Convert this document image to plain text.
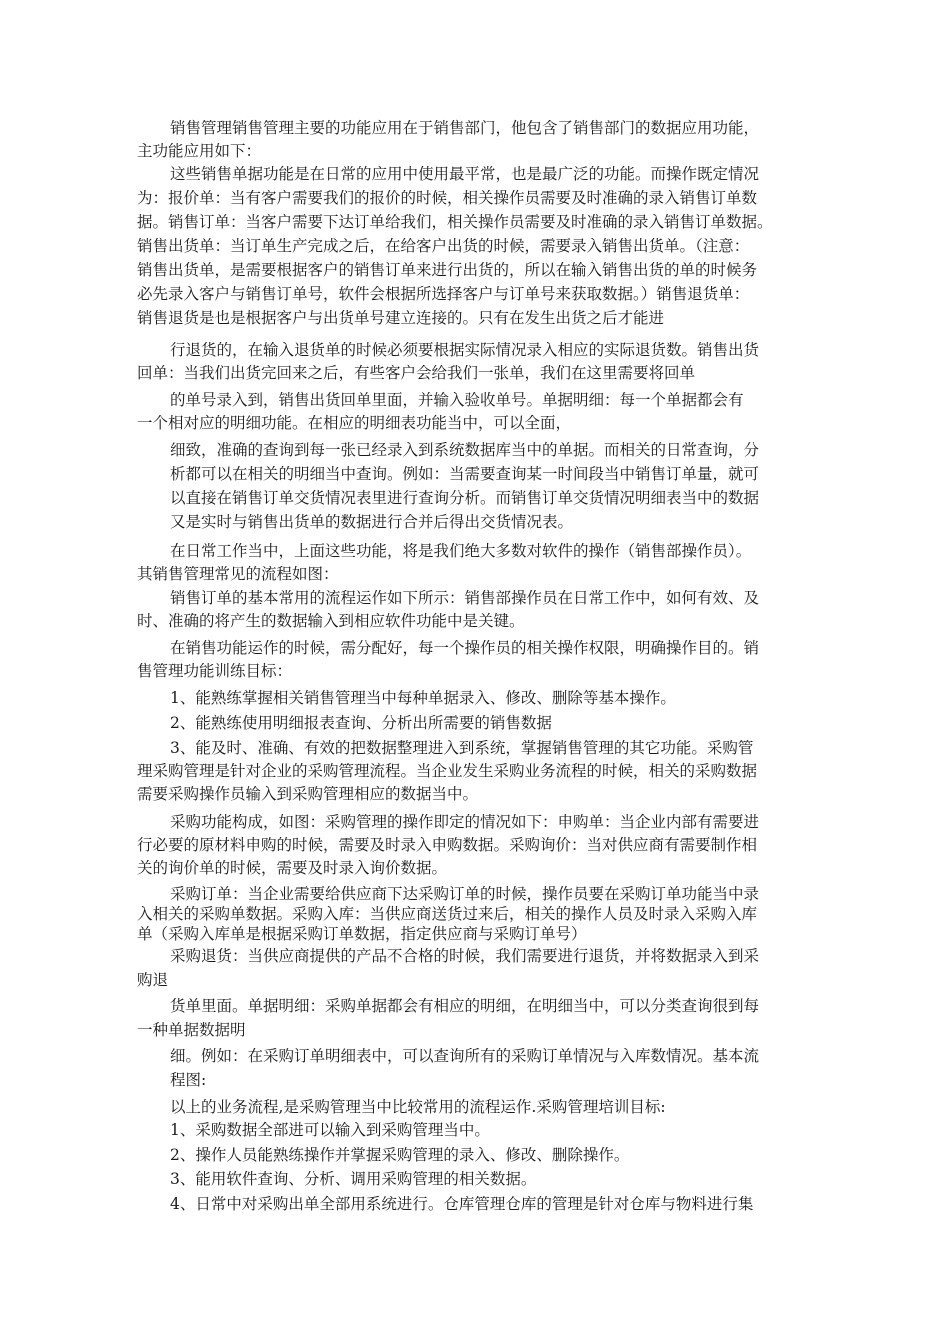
销售管理销售管理主要的功能应用在于销售部门，他包含了销售部门的数据应用功能，
主功能应用如下：
这些销售单据功能是在日常的应用中使用最平常，也是最广泛的功能。而操作既定情况
为：报价单：当有客户需要我们的报价的时候，相关操作员需要及时准确的录入销售订单数
据。销售订单：当客户需要下达订单给我们，相关操作员需要及时准确的录入销售订单数据。
销售出货单：当订单生产完成之后，在给客户出货的时候，需要录入销售出货单。（注意：
销售出货单，是需要根据客户的销售订单来进行出货的，所以在输入销售出货的单的时候务
必先录入客户与销售订单号，软件会根据所选择客户与订单号来获取数据。）销售退货单：
销售退货是也是根据客户与出货单号建立连接的。只有在发生出货之后才能进
行退货的，在输入退货单的时候必须要根据实际情况录入相应的实际退货数。销售出货
回单：当我们出货完回来之后，有些客户会给我们一张单，我们在这里需要将回单
的单号录入到，销售出货回单里面，并输入验收单号。单据明细：每一个单据都会有
一个相对应的明细功能。在相应的明细表功能当中，可以全面，
细致，准确的查询到每一张已经录入到系统数据库当中的单据。而相关的日常查询，分
析都可以在相关的明细当中查询。例如：当需要查询某一时间段当中销售订单量，就可
以直接在销售订单交货情况表里进行查询分析。而销售订单交货情况明细表当中的数据
又是实时与销售出货单的数据进行合并后得出交货情况表。
在日常工作当中，上面这些功能，将是我们绝大多数对软件的操作（销售部操作员）。
其销售管理常见的流程如图：
销售订单的基本常用的流程运作如下所示：销售部操作员在日常工作中，如何有效、及
时、准确的将产生的数据输入到相应软件功能中是关键。
在销售功能运作的时候，需分配好，每一个操作员的相关操作权限，明确操作目的。销
售管理功能训练目标：
1、能熟练掌握相关销售管理当中每种单据录入、修改、删除等基本操作。
2、能熟练使用明细报表查询、分析出所需要的销售数据
3、能及时、准确、有效的把数据整理进入到系统，掌握销售管理的其它功能。采购管
理采购管理是针对企业的采购管理流程。当企业发生采购业务流程的时候，相关的采购数据
需要采购操作员输入到采购管理相应的数据当中。
采购功能构成，如图：采购管理的操作即定的情况如下：申购单：当企业内部有需要进
行必要的原材料申购的时候，需要及时录入申购数据。采购询价：当对供应商有需要制作相
关的询价单的时候，需要及时录入询价数据。
采购订单：当企业需要给供应商下达采购订单的时候，操作员要在采购订单功能当中录
入相关的采购单数据。采购入库：当供应商送货过来后，相关的操作人员及时录入采购入库
单（采购入库单是根据采购订单数据，指定供应商与采购订单号）
采购退货：当供应商提供的产品不合格的时候，我们需要进行退货，并将数据录入到采
购退
货单里面。单据明细：采购单据都会有相应的明细，在明细当中，可以分类查询很到每
一种单据数据明
细。例如：在采购订单明细表中，可以查询所有的采购订单情况与入库数情况。基本流
程图:
以上的业务流程,是采购管理当中比较常用的流程运作.采购管理培训目标:
1、采购数据全部进可以输入到采购管理当中。
2、操作人员能熟练操作并掌握采购管理的录入、修改、删除操作。
3、能用软件查询、分析、调用采购管理的相关数据。
4、日常中对采购出单全部用系统进行。仓库管理仓库的管理是针对仓库与物料进行集
